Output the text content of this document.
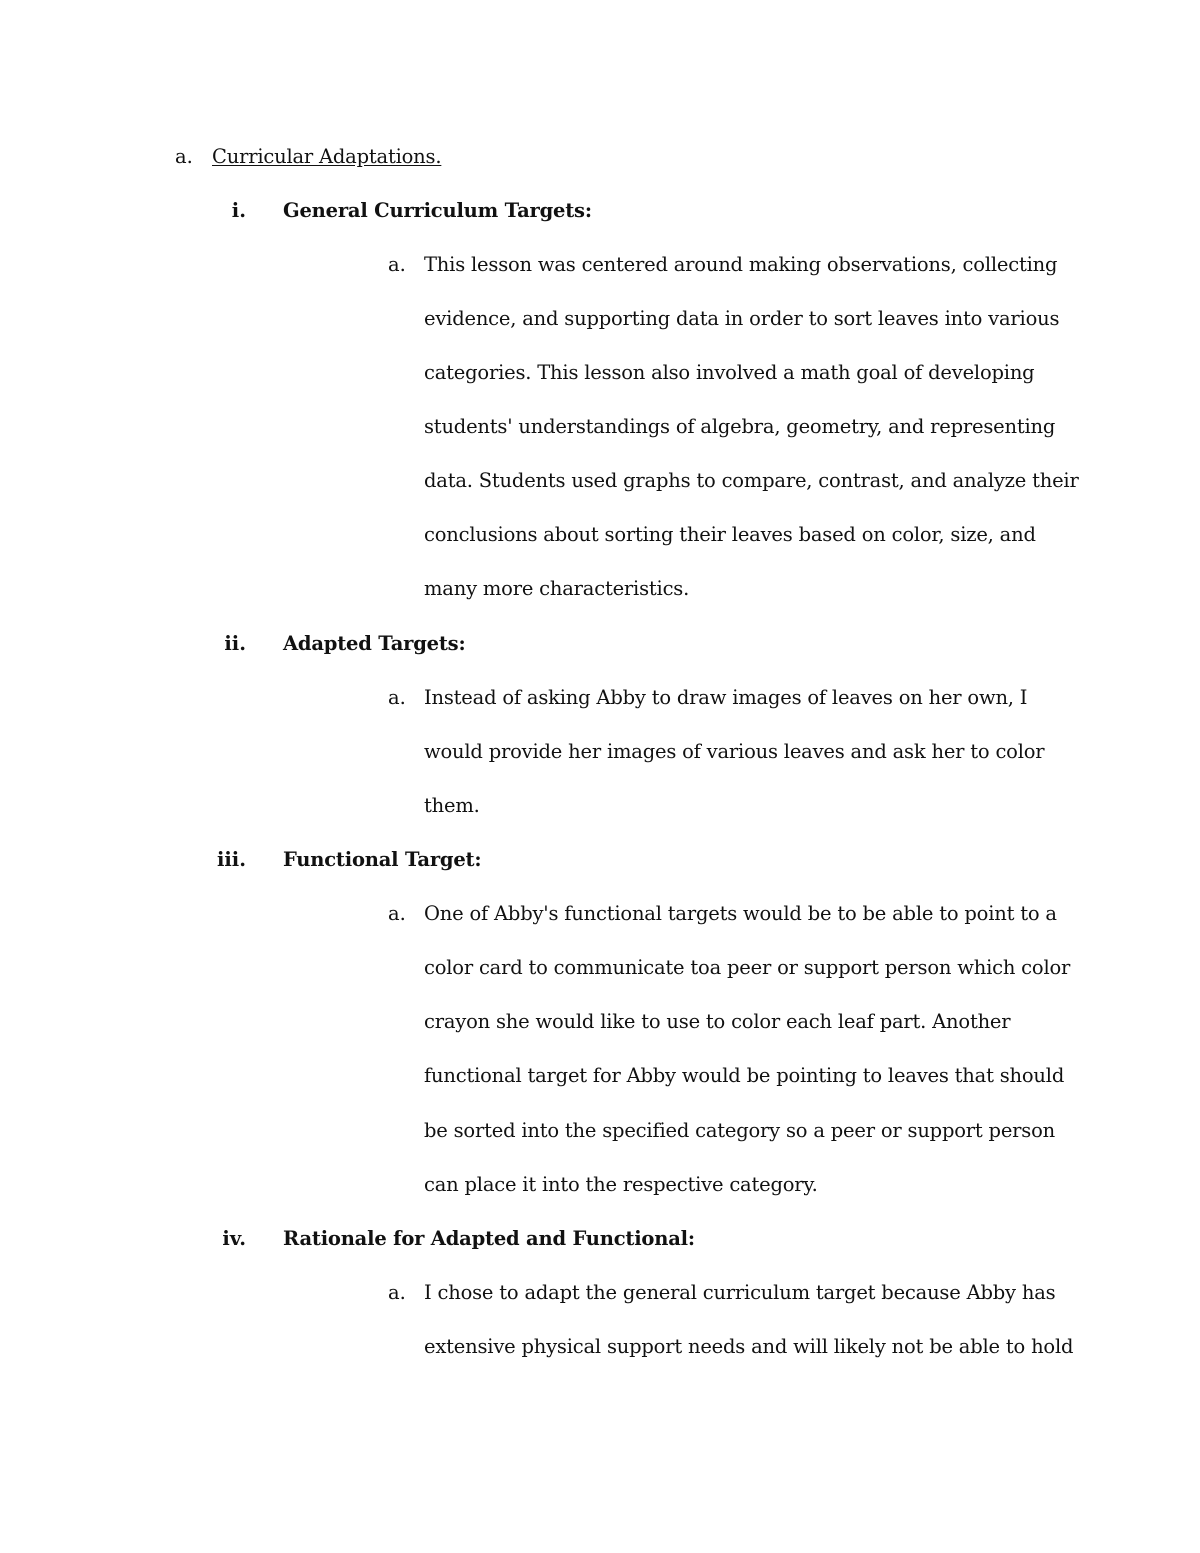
a. Curricular Adaptations.
i. General Curriculum Targets:
a. This lesson was centered around making observations, collecting
evidence, and supporting data in order to sort leaves into various
categories. This lesson also involved a math goal of developing
students' understandings of algebra, geometry, and representing
data. Students used graphs to compare, contrast, and analyze their
conclusions about sorting their leaves based on color, size, and
many more characteristics.
ii. Adapted Targets:
a. Instead of asking Abby to draw images of leaves on her own, I
would provide her images of various leaves and ask her to color
them.
iii. Functional Target:
a. One of Abby's functional targets would be to be able to point to a
color card to communicate toa peer or support person which color
crayon she would like to use to color each leaf part. Another
functional target for Abby would be pointing to leaves that should
be sorted into the specified category so a peer or support person
can place it into the respective category.
iv. Rationale for Adapted and Functional:
a. I chose to adapt the general curriculum target because Abby has
extensive physical support needs and will likely not be able to hold
